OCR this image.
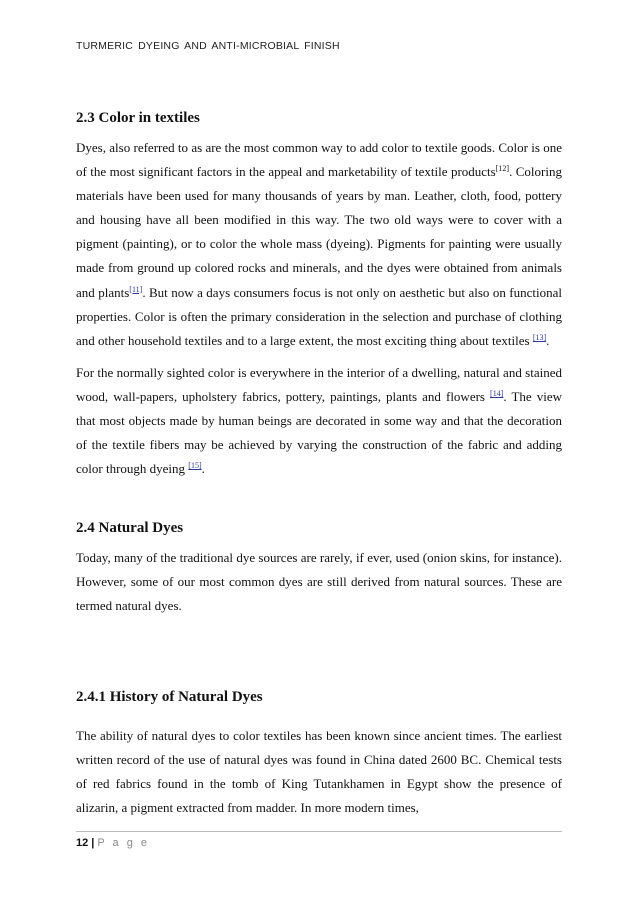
TURMERIC DYEING AND ANTI-MICROBIAL FINISH
2.3 Color in textiles

Dyes, also referred to as are the most common way to add color to textile goods. Color is one of the most significant factors in the appeal and marketability of textile products[12]. Coloring materials have been used for many thousands of years by man. Leather, cloth, food, pottery and housing have all been modified in this way. The two old ways were to cover with a pigment (painting), or to color the whole mass (dyeing). Pigments for painting were usually made from ground up colored rocks and minerals, and the dyes were obtained from animals and plants[11]. But now a days consumers focus is not only on aesthetic but also on functional properties. Color is often the primary consideration in the selection and purchase of clothing and other household textiles and to a large extent, the most exciting thing about textiles [13].

For the normally sighted color is everywhere in the interior of a dwelling, natural and stained wood, wall-papers, upholstery fabrics, pottery, paintings, plants and flowers [14]. The view that most objects made by human beings are decorated in some way and that the decoration of the textile fibers may be achieved by varying the construction of the fabric and adding color through dyeing [15].

2.4 Natural Dyes

Today, many of the traditional dye sources are rarely, if ever, used (onion skins, for instance). However, some of our most common dyes are still derived from natural sources. These are termed natural dyes.

2.4.1 History of Natural Dyes

The ability of natural dyes to color textiles has been known since ancient times. The earliest written record of the use of natural dyes was found in China dated 2600 BC. Chemical tests of red fabrics found in the tomb of King Tutankhamen in Egypt show the presence of alizarin, a pigment extracted from madder. In more modern times,

12 | P a g e
